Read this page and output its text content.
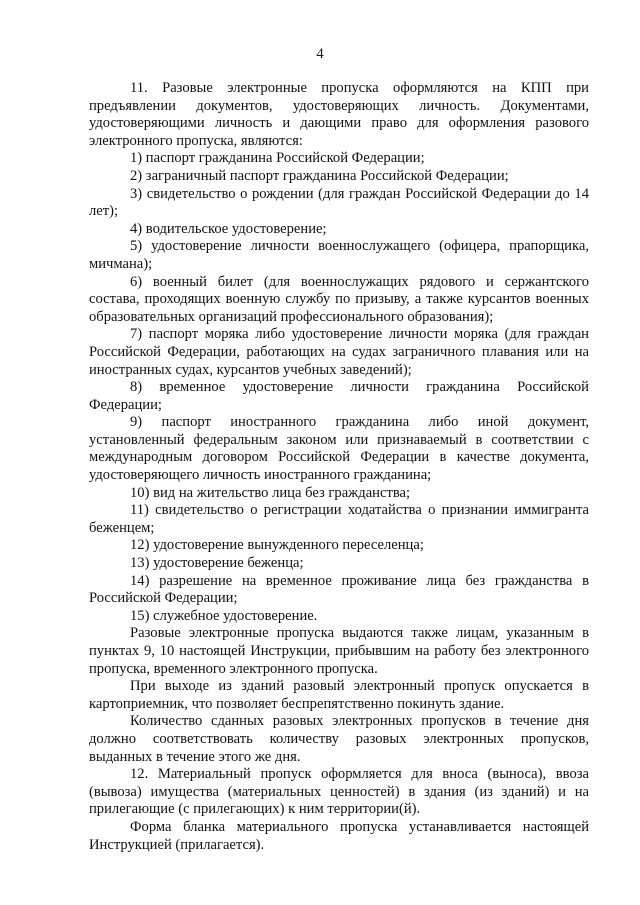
4

11. Разовые электронные пропуска оформляются на КПП при предъявлении документов, удостоверяющих личность. Документами, удостоверяющими личность и дающими право для оформления разового электронного пропуска, являются:

1) паспорт гражданина Российской Федерации;

2) заграничный паспорт гражданина Российской Федерации;

3) свидетельство о рождении (для граждан Российской Федерации до 14 лет);

4) водительское удостоверение;

5) удостоверение личности военнослужащего (офицера, прапорщика, мичмана);

6) военный билет (для военнослужащих рядового и сержантского состава, проходящих военную службу по призыву, а также курсантов военных образовательных организаций профессионального образования);

7) паспорт моряка либо удостоверение личности моряка (для граждан Российской Федерации, работающих на судах заграничного плавания или на иностранных судах, курсантов учебных заведений);

8) временное удостоверение личности гражданина Российской Федерации;

9) паспорт иностранного гражданина либо иной документ, установленный федеральным законом или признаваемый в соответствии с международным договором Российской Федерации в качестве документа, удостоверяющего личность иностранного гражданина;

10) вид на жительство лица без гражданства;

11) свидетельство о регистрации ходатайства о признании иммигранта беженцем;

12) удостоверение вынужденного переселенца;

13) удостоверение беженца;

14) разрешение на временное проживание лица без гражданства в Российской Федерации;

15) служебное удостоверение.

Разовые электронные пропуска выдаются также лицам, указанным в пунктах 9, 10 настоящей Инструкции, прибывшим на работу без электронного пропуска, временного электронного пропуска.

При выходе из зданий разовый электронный пропуск опускается в картоприемник, что позволяет беспрепятственно покинуть здание.

Количество сданных разовых электронных пропусков в течение дня должно соответствовать количеству разовых электронных пропусков, выданных в течение этого же дня.

12. Материальный пропуск оформляется для вноса (выноса), ввоза (вывоза) имущества (материальных ценностей) в здания (из зданий) и на прилегающие (с прилегающих) к ним территории(й).

Форма бланка материального пропуска устанавливается настоящей Инструкцией (прилагается).
